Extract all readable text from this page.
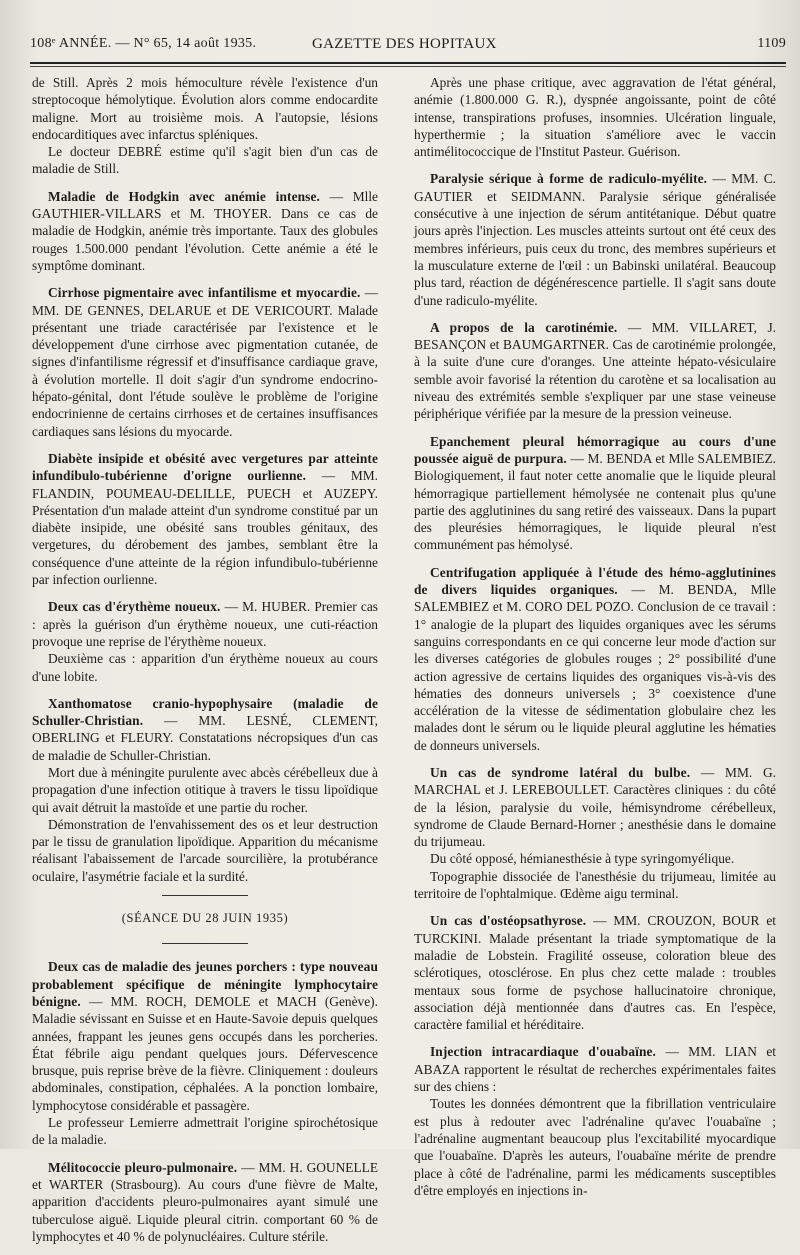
108ᵉ ANNÉE. — N° 65, 14 août 1935.	GAZETTE DES HOPITAUX	1109

de Still. Après 2 mois hémoculture révèle l'existence d'un streptocoque hémolytique. Évolution alors comme endocardite maligne. Mort au troisième mois. A l'autopsie, lésions endocarditiques avec infarctus spléniques.

Le docteur DEBRÉ estime qu'il s'agit bien d'un cas de maladie de Still.

Maladie de Hodgkin avec anémie intense. — Mlle GAUTHIER-VILLARS et M. THOYER. Dans ce cas de maladie de Hodgkin, anémie très importante. Taux des globules rouges 1.500.000 pendant l'évolution. Cette anémie a été le symptôme dominant.

Cirrhose pigmentaire avec infantilisme et myocardie. — MM. DE GENNES, DELARUE et DE VERICOURT. Malade présentant une triade caractérisée par l'existence et le développement d'une cirrhose avec pigmentation cutanée, de signes d'infantilisme régressif et d'insuffisance cardiaque grave, à évolution mortelle. Il doit s'agir d'un syndrome endocrino-hépato-génital, dont l'étude soulève le problème de l'origine endocrinienne de certains cirrhoses et de certaines insuffisances cardiaques sans lésions du myocarde.

Diabète insipide et obésité avec vergetures par atteinte infundibulo-tubérienne d'origne ourlienne. — MM. FLANDIN, POUMEAU-DELILLE, PUECH et AUZEPY. Présentation d'un malade atteint d'un syndrome constitué par un diabète insipide, une obésité sans troubles génitaux, des vergetures, du dérobement des jambes, semblant être la conséquence d'une atteinte de la région infundibulo-tubérienne par infection ourlienne.

Deux cas d'érythème noueux. — M. HUBER. Premier cas : après la guérison d'un érythème noueux, une cuti-réaction provoque une reprise de l'érythème noueux.

Deuxième cas : apparition d'un érythème noueux au cours d'une lobite.

Xanthomatose cranio-hypophysaire (maladie de Schuller-Christian. — MM. LESNÉ, CLEMENT, OBERLING et FLEURY. Constatations nécropsiques d'un cas de maladie de Schuller-Christian.

Mort due à méningite purulente avec abcès cérébelleux due à propagation d'une infection otitique à travers le tissu lipoïdique qui avait détruit la mastoïde et une partie du rocher.

Démonstration de l'envahissement des os et leur destruction par le tissu de granulation lipoïdique. Apparition du mécanisme réalisant l'abaissement de l'arcade sourcilière, la protubérance oculaire, l'asymétrie faciale et la surdité.

(SÉANCE DU 28 JUIN 1935)

Deux cas de maladie des jeunes porchers : type nouveau probablement spécifique de méningite lymphocytaire bénigne. — MM. ROCH, DEMOLE et MACH (Genève). Maladie sévissant en Suisse et en Haute-Savoie depuis quelques années, frappant les jeunes gens occupés dans les porcheries. État fébrile aigu pendant quelques jours. Défervescence brusque, puis reprise brève de la fièvre. Cliniquement : douleurs abdominales, constipation, céphalées. A la ponction lombaire, lymphocytose considérable et passagère.

Le professeur Lemierre admettrait l'origine spirochétosique de la maladie.

Mélitococcie pleuro-pulmonaire. — MM. H. GOUNELLE et WARTER (Strasbourg). Au cours d'une fièvre de Malte, apparition d'accidents pleuro-pulmonaires ayant simulé une tuberculose aiguë. Liquide pleural citrin. comportant 60 % de lymphocytes et 40 % de polynucléaires. Culture stérile.

Après une phase critique, avec aggravation de l'état général, anémie (1.800.000 G. R.), dyspnée angoissante, point de côté intense, transpirations profuses, insomnies. Ulcération linguale, hyperthermie ; la situation s'améliore avec le vaccin antimélitococcique de l'Institut Pasteur. Guérison.

Paralysie sérique à forme de radiculo-myélite. — MM. C. GAUTIER et SEIDMANN. Paralysie sérique généralisée consécutive à une injection de sérum antitétanique. Début quatre jours après l'injection. Les muscles atteints surtout ont été ceux des membres inférieurs, puis ceux du tronc, des membres supérieurs et la musculature externe de l'œil : un Babinski unilatéral. Beaucoup plus tard, réaction de dégénérescence partielle. Il s'agit sans doute d'une radiculo-myélite.

A propos de la carotinémie. — MM. VILLARET, J. BESANÇON et BAUMGARTNER. Cas de carotinémie prolongée, à la suite d'une cure d'oranges. Une atteinte hépato-vésiculaire semble avoir favorisé la rétention du carotène et sa localisation au niveau des extrémités semble s'expliquer par une stase veineuse périphérique vérifiée par la mesure de la pression veineuse.

Epanchement pleural hémorragique au cours d'une poussée aiguë de purpura. — M. BENDA et Mlle SALEMBIEZ. Biologiquement, il faut noter cette anomalie que le liquide pleural hémorragique partiellement hémolysée ne contenait plus qu'une partie des agglutinines du sang retiré des vaisseaux. Dans la pupart des pleurésies hémorragiques, le liquide pleural n'est communément pas hémolysé.

Centrifugation appliquée à l'étude des hémo-agglutinines de divers liquides organiques. — M. BENDA, Mlle SALEMBIEZ et M. CORO DEL POZO. Conclusion de ce travail : 1° analogie de la plupart des liquides organiques avec les sérums sanguins correspondants en ce qui concerne leur mode d'action sur les diverses catégories de globules rouges ; 2° possibilité d'une action agressive de certains liquides des organiques vis-à-vis des hématies des donneurs universels ; 3° coexistence d'une accélération de la vitesse de sédimentation globulaire chez les malades dont le sérum ou le liquide pleural agglutine les hématies de donneurs universels.

Un cas de syndrome latéral du bulbe. — MM. G. MARCHAL et J. LEREBOULLET. Caractères cliniques : du côté de la lésion, paralysie du voile, hémisyndrome cérébelleux, syndrome de Claude Bernard-Horner ; anesthésie dans le domaine du trijumeau.

Du côté opposé, hémianesthésie à type syringomyélique.

Topographie dissociée de l'anesthésie du trijumeau, limitée au territoire de l'ophtalmique. Œdème aigu terminal.

Un cas d'ostéopsathyrose. — MM. CROUZON, BOUR et TURCKINI. Malade présentant la triade symptomatique de la maladie de Lobstein. Fragilité osseuse, coloration bleue des sclérotiques, otosclérose. En plus chez cette malade : troubles mentaux sous forme de psychose hallucinatoire chronique, association déjà mentionnée dans d'autres cas. En l'espèce, caractère familial et héréditaire.

Injection intracardiaque d'ouabaïne. — MM. LIAN et ABAZA rapportent le résultat de recherches expérimentales faites sur des chiens :

Toutes les données démontrent que la fibrillation ventriculaire est plus à redouter avec l'adrénaline qu'avec l'ouabaïne ; l'adrénaline augmentant beaucoup plus l'excitabilité myocardique que l'ouabaïne. D'après les auteurs, l'ouabaïne mérite de prendre place à côté de l'adrénaline, parmi les médicaments susceptibles d'être employés en injections in-
